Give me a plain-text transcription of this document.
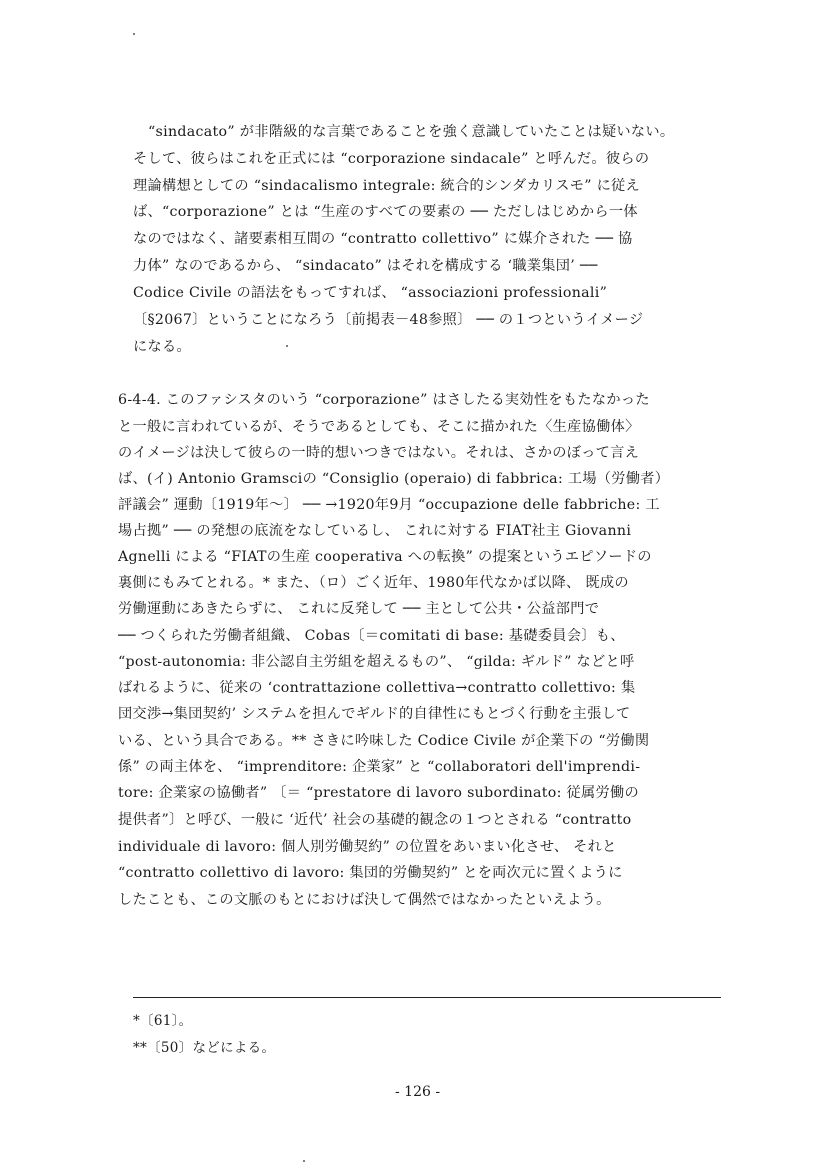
“sindacato” が非階級的な言葉であることを強く意識していたことは疑いない。
そして、彼らはこれを正式には “corporazione sindacale” と呼んだ。彼らの
理論構想としての “sindacalismo integrale: 統合的シンダカリスモ” に従え
ば、“corporazione” とは “生産のすべての要素の ── ただしはじめから一体
なのではなく、諸要素相互間の “contratto collettivo” に媒介された ── 協
力体” なのであるから、 “sindacato” はそれを構成する ‘職業集団’ ──
Codice Civile の語法をもってすれば、 “associazioni professionali”
〔§2067〕ということになろう〔前掲表－48参照〕 ── の１つというイメージ
になる。
6-4-4. このファシスタのいう “corporazione” はさしたる実効性をもたなかった
と一般に言われているが、そうであるとしても、そこに描かれた〈生産協働体〉
のイメージは決して彼らの一時的想いつきではない。それは、さかのぼって言え
ば、(イ) Antonio Gramsciの “Consiglio (operaio) di fabbrica: 工場（労働者）
評議会” 運動〔1919年～〕 ── →1920年9月 “occupazione delle fabbriche: 工
場占拠” ── の発想の底流をなしているし、 これに対する FIAT社主 Giovanni
Agnelli による “FIATの生産 cooperativa への転換” の提案というエピソードの
裏側にもみてとれる。* また、（ロ）ごく近年、1980年代なかば以降、 既成の
労働運動にあきたらずに、 これに反発して ── 主として公共・公益部門で
── つくられた労働者組織、 Cobas〔＝comitati di base: 基礎委員会〕も、
“post-autonomia: 非公認自主労組を超えるもの”、 “gilda: ギルド” などと呼
ばれるように、従来の ‘contrattazione collettiva→contratto collettivo: 集
団交渉→集団契約’ システムを担んでギルド的自律性にもとづく行動を主張して
いる、という具合である。** さきに吟味した Codice Civile が企業下の “労働関
係” の両主体を、 “imprenditore: 企業家” と “collaboratori dell'imprendi-
tore: 企業家の協働者” 〔＝ “prestatore di lavoro subordinato: 従属労働の
提供者”〕と呼び、一般に ‘近代’ 社会の基礎的観念の１つとされる “contratto
individuale di lavoro: 個人別労働契約” の位置をあいまい化させ、 それと
“contratto collettivo di lavoro: 集団的労働契約” とを両次元に置くように
したことも、この文脈のもとにおけば決して偶然ではなかったといえよう。
*〔61〕。
**〔50〕などによる。
- 126 -
